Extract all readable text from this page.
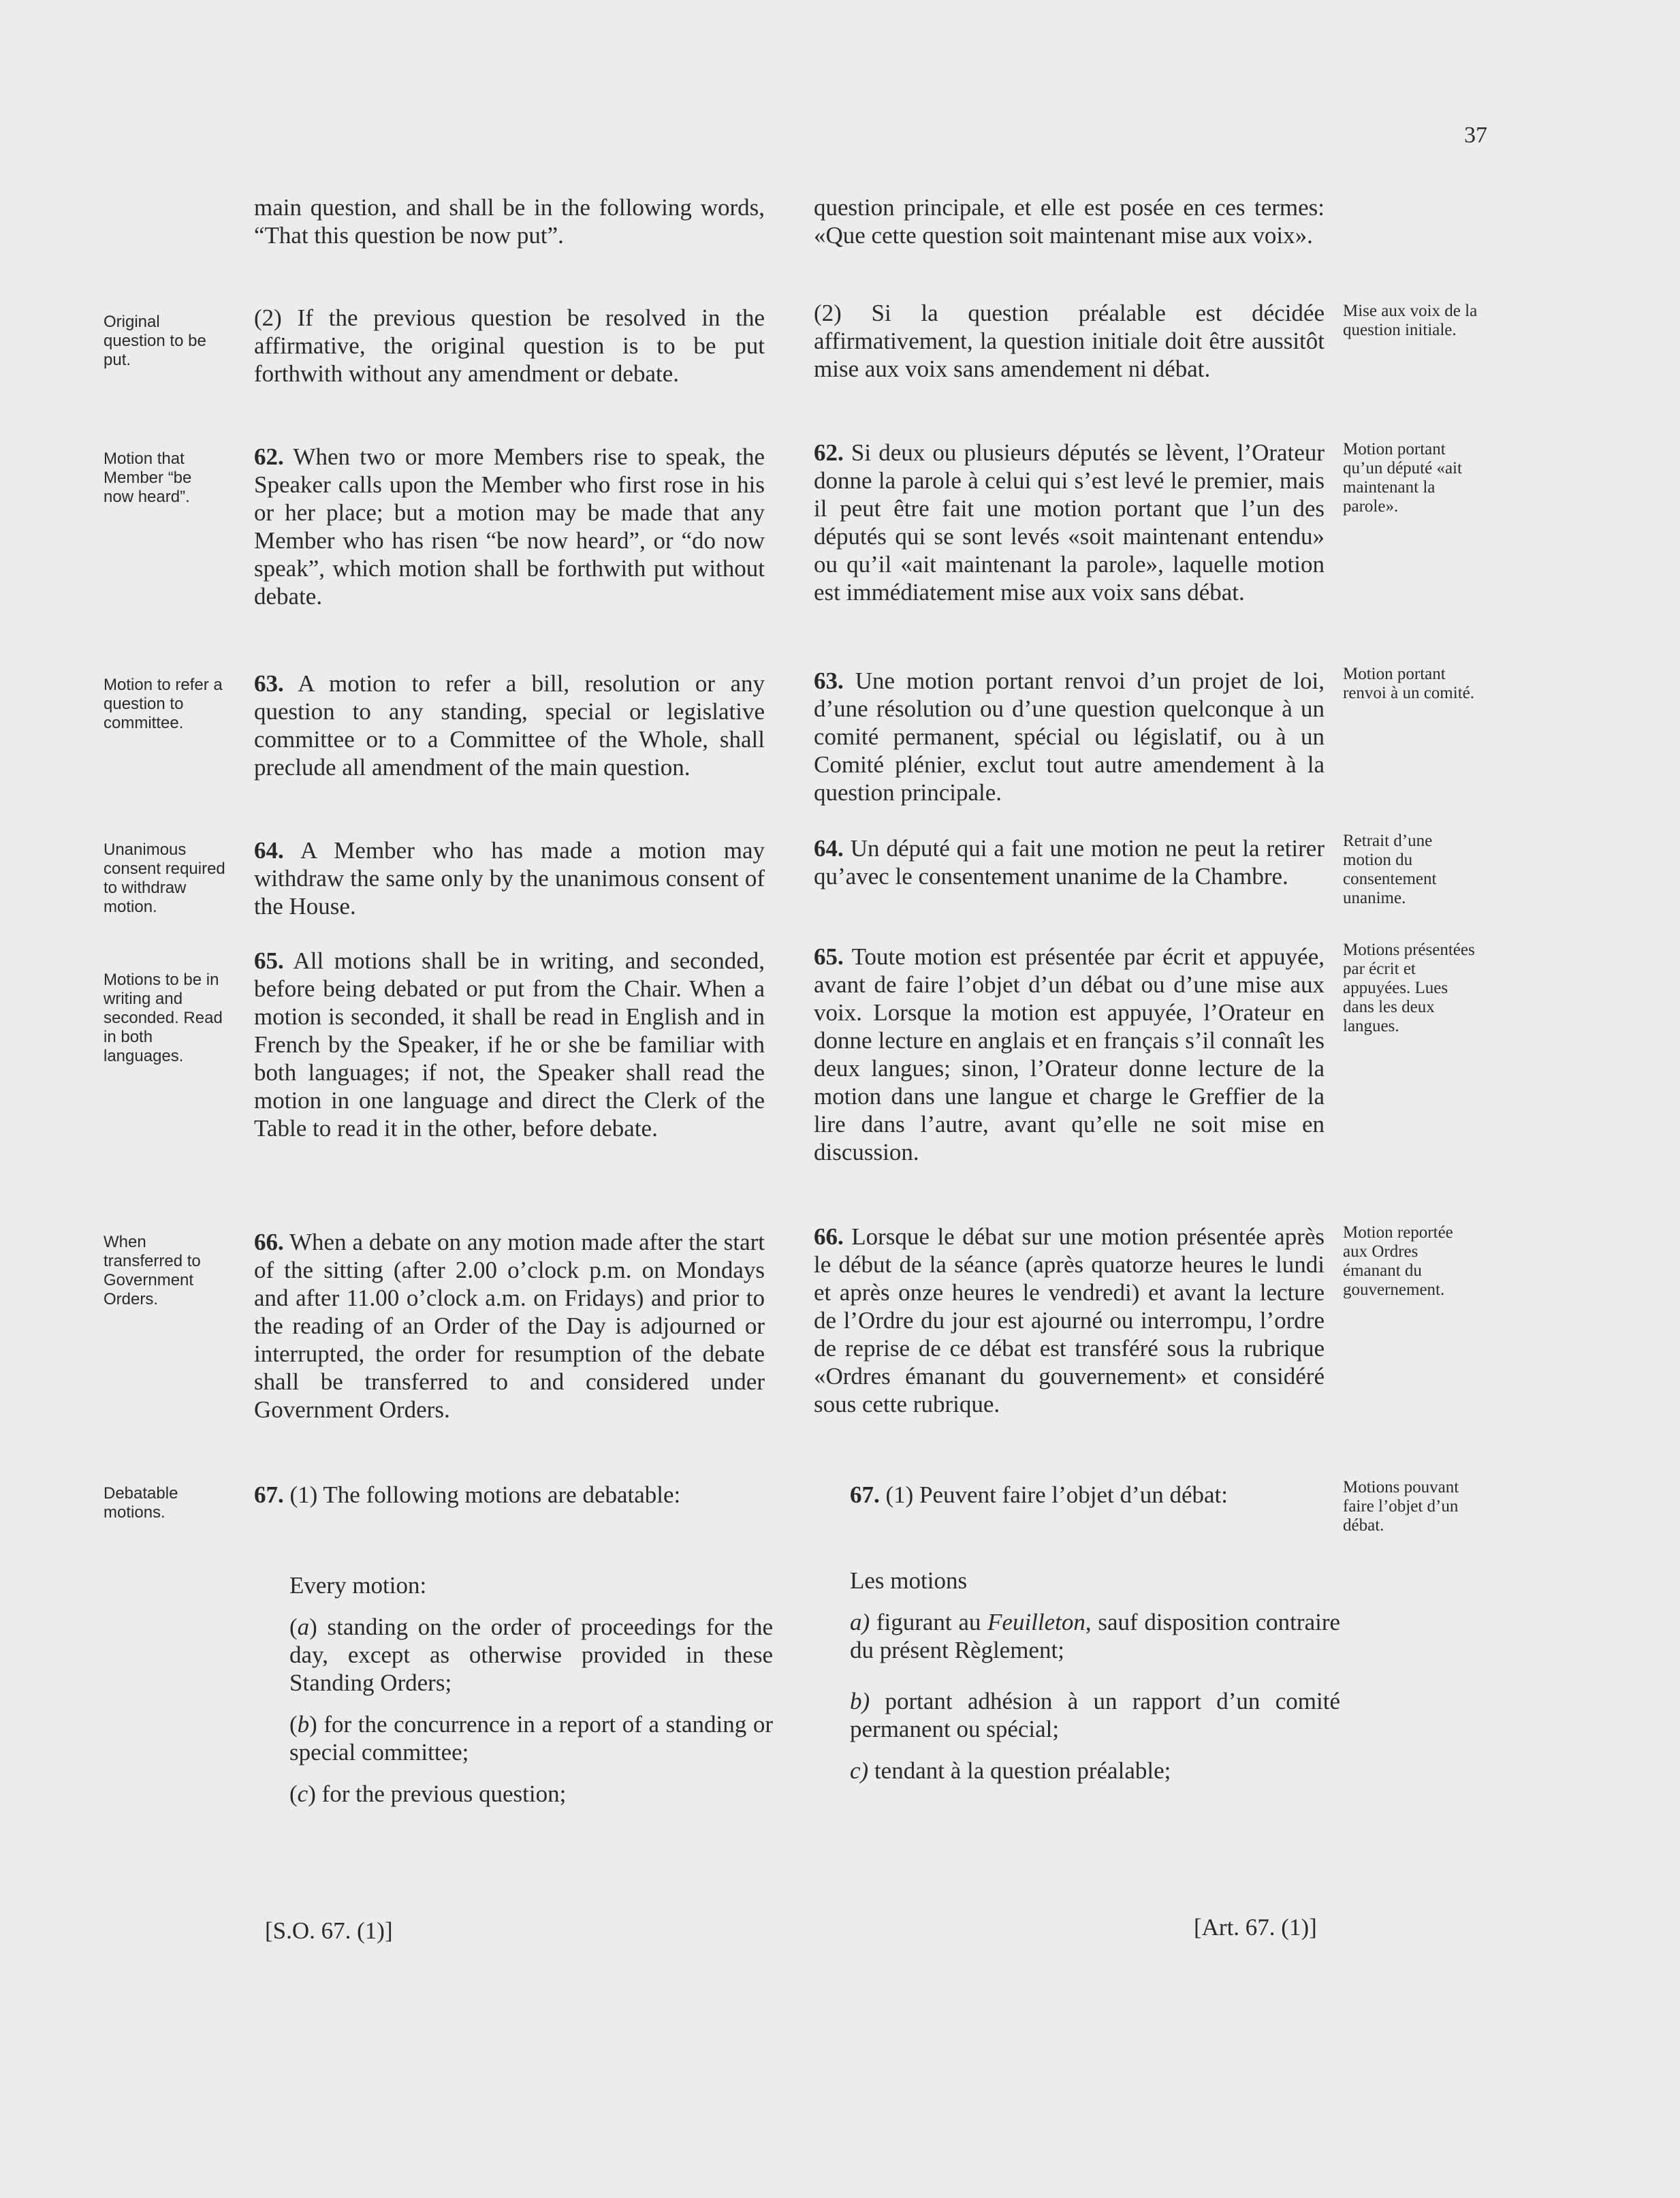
37
main question, and shall be in the following words, “That this question be now put”.
(2) If the previous question be resolved in the affirmative, the original question is to be put forthwith without any amendment or debate.
62. When two or more Members rise to speak, the Speaker calls upon the Member who first rose in his or her place; but a motion may be made that any Member who has risen “be now heard”, or “do now speak”, which motion shall be forthwith put without debate.
63. A motion to refer a bill, resolution or any question to any standing, special or legislative committee or to a Committee of the Whole, shall preclude all amendment of the main question.
64. A Member who has made a motion may withdraw the same only by the unanimous consent of the House.
65. All motions shall be in writing, and seconded, before being debated or put from the Chair. When a motion is seconded, it shall be read in English and in French by the Speaker, if he or she be familiar with both languages; if not, the Speaker shall read the motion in one language and direct the Clerk of the Table to read it in the other, before debate.
66. When a debate on any motion made after the start of the sitting (after 2.00 o’clock p.m. on Mondays and after 11.00 o’clock a.m. on Fridays) and prior to the reading of an Order of the Day is adjourned or interrupted, the order for resumption of the debate shall be transferred to and considered under Government Orders.
67. (1) The following motions are debatable:
Every motion:
(a) standing on the order of proceedings for the day, except as otherwise provided in these Standing Orders;
(b) for the concurrence in a report of a standing or special committee;
(c) for the previous question;
question principale, et elle est posée en ces termes: «Que cette question soit maintenant mise aux voix».
(2) Si la question préalable est décidée affirmativement, la question initiale doit être aussitôt mise aux voix sans amendement ni débat.
62. Si deux ou plusieurs députés se lèvent, l’Orateur donne la parole à celui qui s’est levé le premier, mais il peut être fait une motion portant que l’un des députés qui se sont levés «soit maintenant entendu» ou qu’il «ait maintenant la parole», laquelle motion est immédiatement mise aux voix sans débat.
63. Une motion portant renvoi d’un projet de loi, d’une résolution ou d’une question quelconque à un comité permanent, spécial ou législatif, ou à un Comité plénier, exclut tout autre amendement à la question principale.
64. Un député qui a fait une motion ne peut la retirer qu’avec le consentement unanime de la Chambre.
65. Toute motion est présentée par écrit et appuyée, avant de faire l’objet d’un débat ou d’une mise aux voix. Lorsque la motion est appuyée, l’Orateur en donne lecture en anglais et en français s’il connaît les deux langues; sinon, l’Orateur donne lecture de la motion dans une langue et charge le Greffier de la lire dans l’autre, avant qu’elle ne soit mise en discussion.
66. Lorsque le débat sur une motion présentée après le début de la séance (après quatorze heures le lundi et après onze heures le vendredi) et avant la lecture de l’Ordre du jour est ajourné ou interrompu, l’ordre de reprise de ce débat est transféré sous la rubrique «Ordres émanant du gouvernement» et considéré sous cette rubrique.
67. (1) Peuvent faire l’objet d’un débat:
Les motions
a) figurant au Feuilleton, sauf disposition contraire du présent Règlement;
b) portant adhésion à un rapport d’un comité permanent ou spécial;
c) tendant à la question préalable;
Original question to be put.
Motion that Member “be now heard”.
Motion to refer a question to committee.
Unanimous consent required to withdraw motion.
Motions to be in writing and seconded. Read in both languages.
When transferred to Government Orders.
Debatable motions.
Mise aux voix de la question initiale.
Motion portant qu’un député «ait maintenant la parole».
Motion portant renvoi à un comité.
Retrait d’une motion du consentement unanime.
Motions présentées par écrit et appuyées. Lues dans les deux langues.
Motion reportée aux Ordres émanant du gouvernement.
Motions pouvant faire l’objet d’un débat.
[S.O. 67. (1)]	[Art. 67. (1)]
